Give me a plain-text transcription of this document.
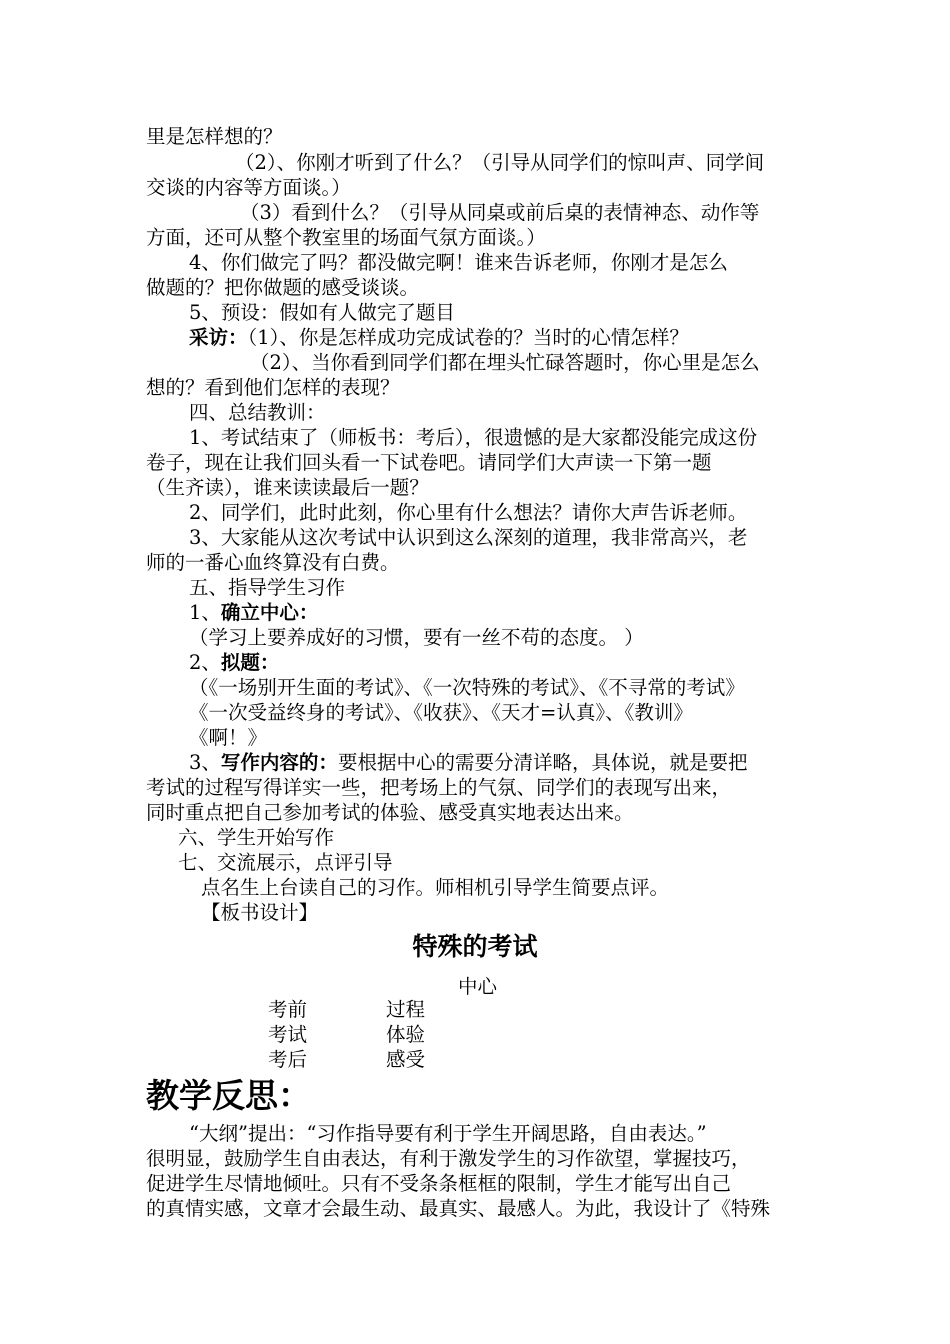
里是怎样想的？
（2）、你刚才听到了什么？（引导从同学们的惊叫声、同学间
交谈的内容等方面谈。）
（3）看到什么？（引导从同桌或前后桌的表情神态、动作等
方面，还可从整个教室里的场面气氛方面谈。）
4、你们做完了吗？都没做完啊！谁来告诉老师，你刚才是怎么
做题的？把你做题的感受谈谈。
5、预设：假如有人做完了题目
采访：（1）、你是怎样成功完成试卷的？当时的心情怎样？
（2）、当你看到同学们都在埋头忙碌答题时，你心里是怎么
想的？看到他们怎样的表现？
四、总结教训：
1、考试结束了（师板书：考后），很遗憾的是大家都没能完成这份
卷子，现在让我们回头看一下试卷吧。请同学们大声读一下第一题
（生齐读），谁来读读最后一题？
2、同学们，此时此刻，你心里有什么想法？请你大声告诉老师。
3、大家能从这次考试中认识到这么深刻的道理，我非常高兴，老
师的一番心血终算没有白费。
五、指导学生习作
1、确立中心：
（学习上要养成好的习惯，要有一丝不苟的态度。 ）
2、拟题：
（《一场别开生面的考试》、《一次特殊的考试》、《不寻常的考试》
《一次受益终身的考试》、《收获》、《天才=认真》、《教训》
《啊！》
3、写作内容的：要根据中心的需要分清详略，具体说，就是要把
考试的过程写得详实一些，把考场上的气氛、同学们的表现写出来，
同时重点把自己参加考试的体验、感受真实地表达出来。
六、学生开始写作
七、交流展示，点评引导
点名生上台读自己的习作。师相机引导学生简要点评。
【板书设计】
特殊的考试
中心
考前
考试
考后
过程
体验
感受
教学反思：
“大纲”提出：“习作指导要有利于学生开阔思路，自由表达。”
很明显，鼓励学生自由表达，有利于激发学生的习作欲望，掌握技巧，
促进学生尽情地倾吐。只有不受条条框框的限制，学生才能写出自己
的真情实感，文章才会最生动、最真实、最感人。为此，我设计了《特殊
